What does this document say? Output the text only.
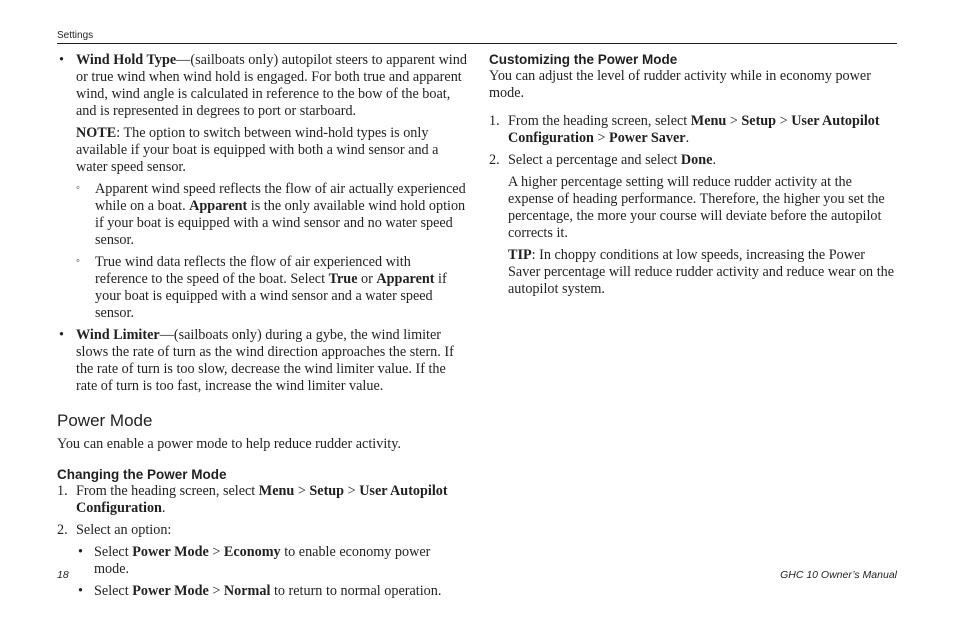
Settings
• Wind Hold Type—(sailboats only) autopilot steers to apparent wind or true wind when wind hold is engaged. For both true and apparent wind, wind angle is calculated in reference to the bow of the boat, and is represented in degrees to port or starboard.

NOTE: The option to switch between wind-hold types is only available if your boat is equipped with both a wind sensor and a water speed sensor.

◦ Apparent wind speed reflects the flow of air actually experienced while on a boat. Apparent is the only available wind hold option if your boat is equipped with a wind sensor and no water speed sensor.

◦ True wind data reflects the flow of air experienced with reference to the speed of the boat. Select True or Apparent if your boat is equipped with a wind sensor and a water speed sensor.

• Wind Limiter—(sailboats only) during a gybe, the wind limiter slows the rate of turn as the wind direction approaches the stern. If the rate of turn is too slow, decrease the wind limiter value. If the rate of turn is too fast, increase the wind limiter value.

Power Mode

You can enable a power mode to help reduce rudder activity.

Changing the Power Mode
1. From the heading screen, select Menu > Setup > User Autopilot Configuration.

2. Select an option:

• Select Power Mode > Economy to enable economy power mode.

• Select Power Mode > Normal to return to normal operation.

Customizing the Power Mode

You can adjust the level of rudder activity while in economy power mode.

1. From the heading screen, select Menu > Setup > User Autopilot Configuration > Power Saver.

2. Select a percentage and select Done.

A higher percentage setting will reduce rudder activity at the expense of heading performance. Therefore, the higher you set the percentage, the more your course will deviate before the autopilot corrects it.

TIP: In choppy conditions at low speeds, increasing the Power Saver percentage will reduce rudder activity and reduce wear on the autopilot system.

18	GHC 10 Owner’s Manual
